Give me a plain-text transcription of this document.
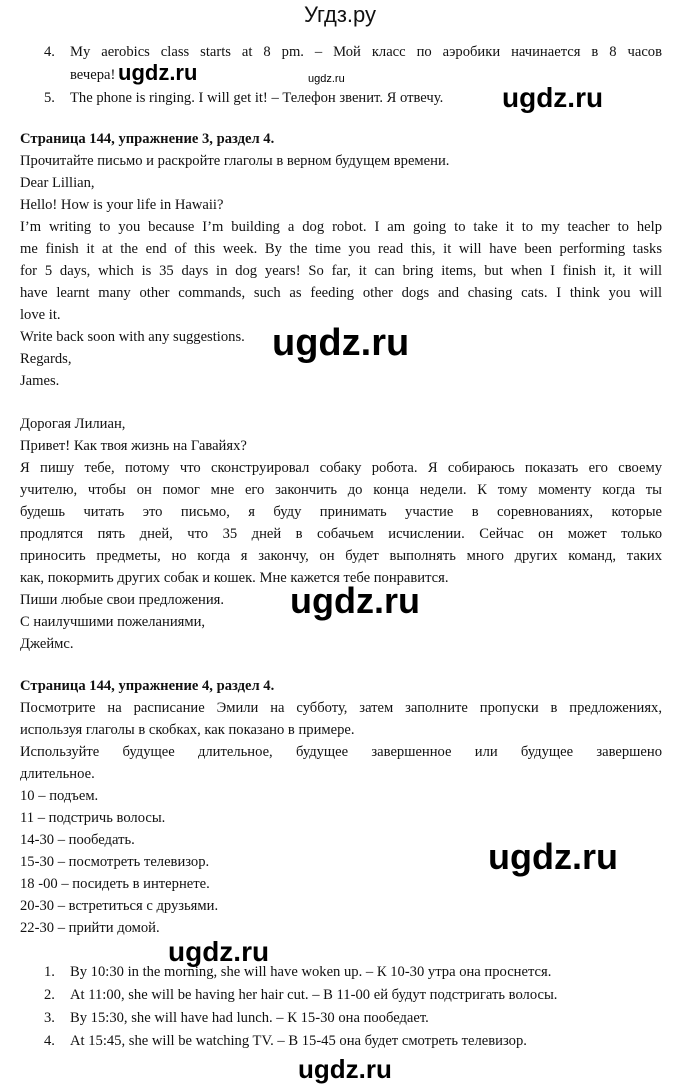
Угдз.ру
4. My aerobics class starts at 8 pm. – Мой класс по аэробики начинается в 8 часов
вечера!
5. The phone is ringing. I will get it! – Телефон звенит. Я отвечу.
Страница 144, упражнение 3, раздел 4.
Прочитайте письмо и раскройте глаголы в верном будущем времени.
Dear Lillian,
Hello! How is your life in Hawaii?
I’m writing to you because I’m building a dog robot. I am going to take it to my teacher to help
me finish it at the end of this week. By the time you read this, it will have been performing tasks
for 5 days, which is 35 days in dog years! So far, it can bring items, but when I finish it, it will
have learnt many other commands, such as feeding other dogs and chasing cats. I think you will
love it.
Write back soon with any suggestions.
Regards,
James.
Дорогая Лилиан,
Привет! Как твоя жизнь на Гавайях?
Я пишу тебе, потому что сконструировал собаку робота. Я собираюсь показать его своему
учителю, чтобы он помог мне его закончить до конца недели. К тому моменту когда ты
будешь читать это письмо, я буду принимать участие в соревнованиях, которые
продлятся пять дней, что 35 дней в собачьем исчислении. Сейчас он может только
приносить предметы, но когда я закончу, он будет выполнять много других команд, таких
как, покормить других собак и кошек. Мне кажется тебе понравится.
Пиши любые свои предложения.
С наилучшими пожеланиями,
Джеймс.
Страница 144, упражнение 4, раздел 4.
Посмотрите на расписание Эмили на субботу, затем заполните пропуски в предложениях,
используя глаголы в скобках, как показано в примере.
Используйте будущее длительное, будущее завершенное или будущее завершено
длительное.
10 – подъем.
11 – подстричь волосы.
14-30 – пообедать.
15-30 – посмотреть телевизор.
18 -00 – посидеть в интернете.
20-30 – встретиться с друзьями.
22-30 – прийти домой.
1. By 10:30 in the morning, she will have woken up. – К 10-30 утра она проснется.
2. At 11:00, she will be having her hair cut. – В 11-00 ей будут подстригать волосы.
3. By 15:30, she will have had lunch. – К 15-30 она пообедает.
4. At 15:45, she will be watching TV. – В 15-45 она будет смотреть телевизор.
ugdz.ru	ugdz.ru
ugdz.ru
ugdz.ru
ugdz.ru
ugdz.ru
ugdz.ru
ugdz.ru
